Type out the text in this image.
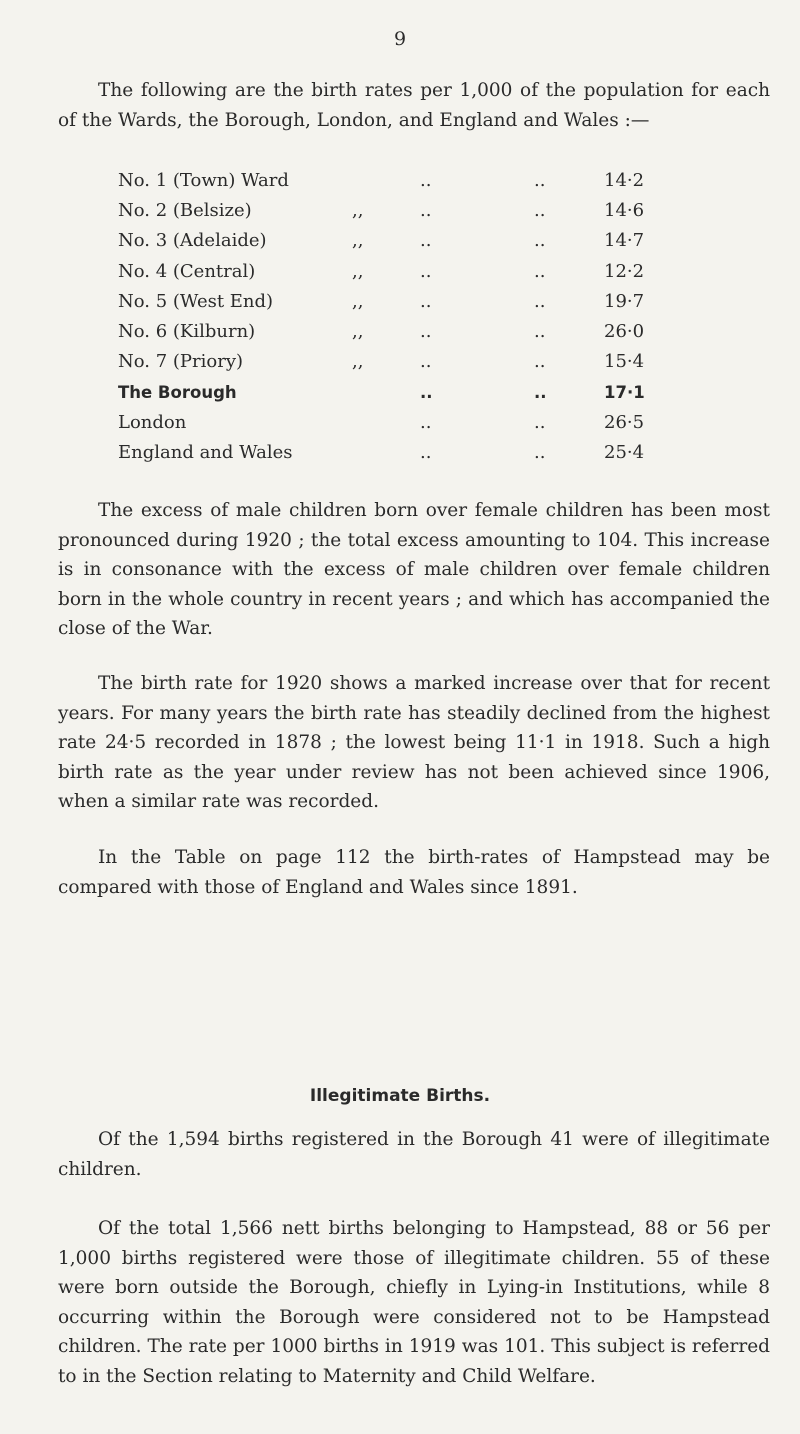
9

The following are the birth rates per 1,000 of the population for each of the Wards, the Borough, London, and England and Wales :—

No. 1 (Town) Ward		..	..	14·2
No. 2 (Belsize)	,,	..	..	14·6
No. 3 (Adelaide)	,,	..	..	14·7
No. 4 (Central)	,,	..	..	12·2
No. 5 (West End)	,,	..	..	19·7
No. 6 (Kilburn)	,,	..	..	26·0
No. 7 (Priory)	,,	..	..	15·4
The Borough		..	..	17·1
London		..	..	26·5
England and Wales		..	..	25·4

The excess of male children born over female children has been most pronounced during 1920 ; the total excess amounting to 104. This increase is in consonance with the excess of male children over female children born in the whole country in recent years ; and which has accompanied the close of the War.

The birth rate for 1920 shows a marked increase over that for recent years. For many years the birth rate has steadily declined from the highest rate 24·5 recorded in 1878 ; the lowest being 11·1 in 1918. Such a high birth rate as the year under review has not been achieved since 1906, when a similar rate was recorded.

In the Table on page 112 the birth-rates of Hampstead may be compared with those of England and Wales since 1891.

Illegitimate Births.

Of the 1,594 births registered in the Borough 41 were of illegitimate children.

Of the total 1,566 nett births belonging to Hampstead, 88 or 56 per 1,000 births registered were those of illegitimate children. 55 of these were born outside the Borough, chiefly in Lying-in Institutions, while 8 occurring within the Borough were considered not to be Hampstead children. The rate per 1000 births in 1919 was 101. This subject is referred to in the Section relating to Maternity and Child Welfare.
